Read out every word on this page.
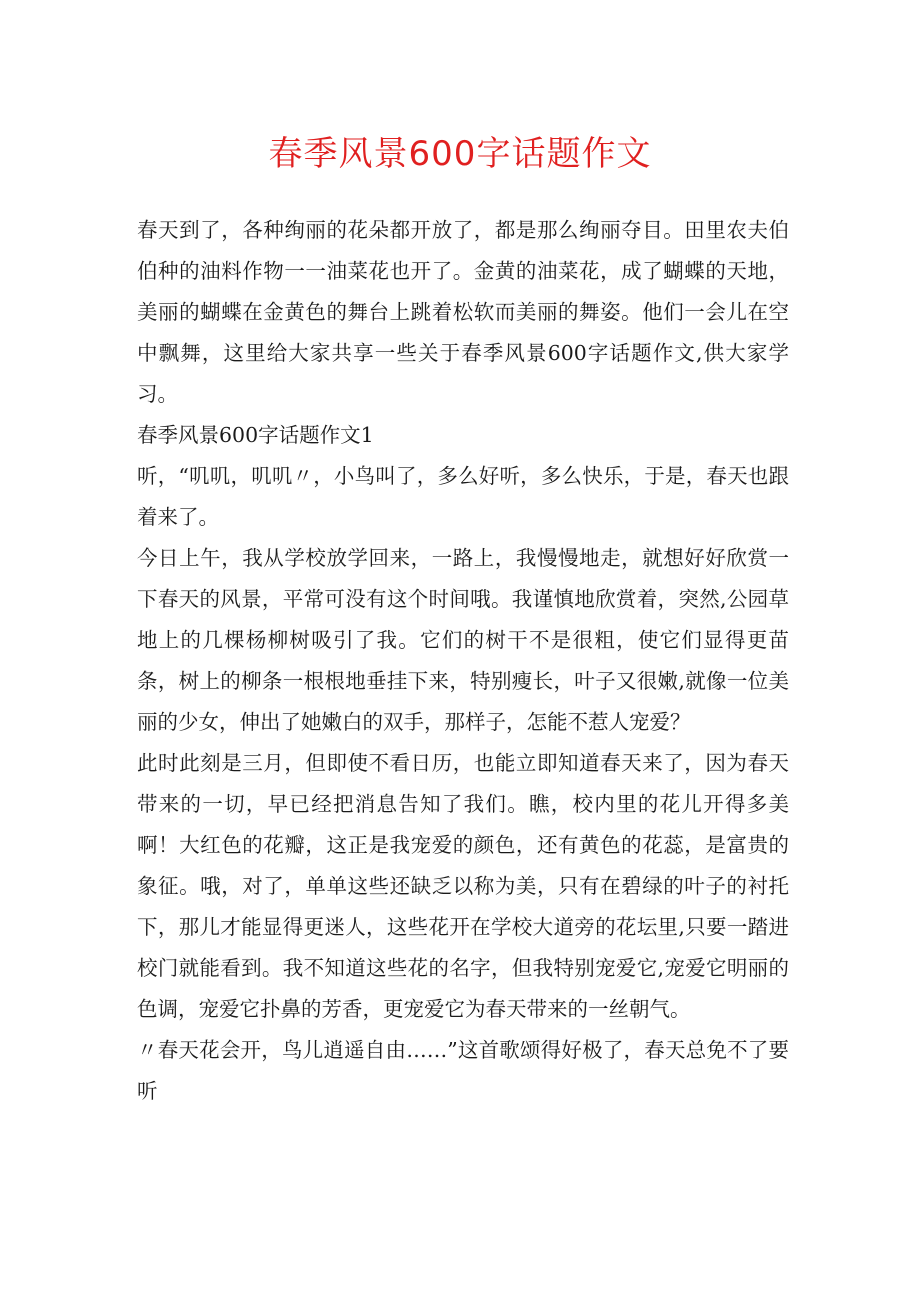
春季风景600字话题作文

春天到了，各种绚丽的花朵都开放了，都是那么绚丽夺目。田里农夫伯伯种的油料作物一一油菜花也开了。金黄的油菜花，成了蝴蝶的天地，美丽的蝴蝶在金黄色的舞台上跳着松软而美丽的舞姿。他们一会儿在空中飘舞，这里给大家共享一些关于春季风景600字话题作文,供大家学习。

春季风景600字话题作文1

听，“叽叽，叽叽〃，小鸟叫了，多么好听，多么快乐，于是，春天也跟着来了。

今日上午，我从学校放学回来，一路上，我慢慢地走，就想好好欣赏一下春天的风景，平常可没有这个时间哦。我谨慎地欣赏着，突然,公园草地上的几棵杨柳树吸引了我。它们的树干不是很粗，使它们显得更苗条，树上的柳条一根根地垂挂下来，特别瘦长，叶子又很嫩,就像一位美丽的少女，伸出了她嫩白的双手，那样子，怎能不惹人宠爱？

此时此刻是三月，但即使不看日历，也能立即知道春天来了，因为春天带来的一切，早已经把消息告知了我们。瞧，校内里的花儿开得多美啊！大红色的花瓣，这正是我宠爱的颜色，还有黄色的花蕊，是富贵的象征。哦，对了，单单这些还缺乏以称为美，只有在碧绿的叶子的衬托下，那儿才能显得更迷人，这些花开在学校大道旁的花坛里,只要一踏进校门就能看到。我不知道这些花的名字，但我特别宠爱它,宠爱它明丽的色调，宠爱它扑鼻的芳香，更宠爱它为春天带来的一丝朝气。

〃春天花会开，鸟儿逍遥自由……”这首歌颂得好极了，春天总免不了要听
